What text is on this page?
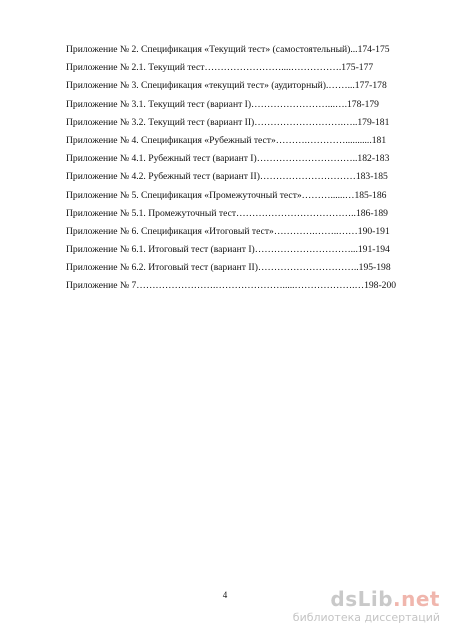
Приложение № 2. Спецификация «Текущий тест» (самостоятельный)...174-175
Приложение № 2.1. Текущий тест……………………....…………….175-177
Приложение № 3. Спецификация «текущий тест» (аудиторный).……...177-178
Приложение № 3.1. Текущий тест (вариант I)……………………...….178-179
Приложение № 3.2. Текущий тест (вариант II)……………………….…..179-181
Приложение № 4. Спецификация «Рубежный тест»……….…………...........181
Приложение № 4.1. Рубежный тест (вариант I)…………………………..182-183
Приложение № 4.2. Рубежный тест (вариант II)…………………………183-185
Приложение № 5. Спецификация «Промежуточный тест»………......…185-186
Приложение № 5.1. Промежуточный тест………………………………..186-189
Приложение № 6. Спецификация «Итоговый тест»………….……..……190-191
Приложение № 6.1. Итоговый тест (вариант I)…………………………...191-194
Приложение № 6.2. Итоговый тест (вариант II)…………………………..195-198
Приложение № 7…………………….………………….....……………….…198-200
4	dsLib.net
библиотека диссертаций
